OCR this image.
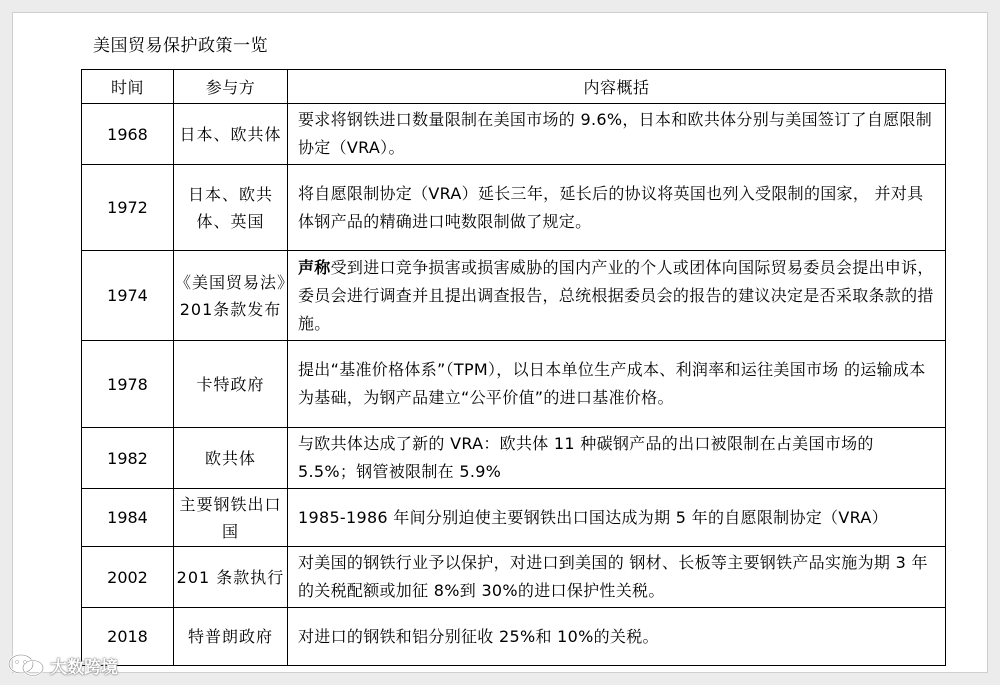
美国贸易保护政策一览
时间	参与方	内容概括
1968	日本、欧共体	要求将钢铁进口数量限制在美国市场的 9.6%，日本和欧共体分别与美国签订了自愿限制协定（VRA）。
1972	日本、欧共体、英国	将自愿限制协定（VRA）延长三年，延长后的协议将英国也列入受限制的国家， 并对具体钢产品的精确进口吨数限制做了规定。
1974	《美国贸易法》201条款发布	声称受到进口竞争损害或损害威胁的国内产业的个人或团体向国际贸易委员会提出申诉，委员会进行调查并且提出调查报告，总统根据委员会的报告的建议决定是否采取条款的措施。
1978	卡特政府	提出“基准价格体系”（TPM），以日本单位生产成本、利润率和运往美国市场 的运输成本为基础，为钢产品建立“公平价值”的进口基准价格。
1982	欧共体	与欧共体达成了新的 VRA：欧共体 11 种碳钢产品的出口被限制在占美国市场的 5.5%；钢管被限制在 5.9%
1984	主要钢铁出口国	1985-1986 年间分别迫使主要钢铁出口国达成为期 5 年的自愿限制协定（VRA）
2002	201 条款执行	对美国的钢铁行业予以保护，对进口到美国的 钢材、长板等主要钢铁产品实施为期 3 年的关税配额或加征 8%到 30%的进口保护性关税。
2018	特普朗政府	对进口的钢铁和铝分别征收 25%和 10%的关税。
大数跨境
